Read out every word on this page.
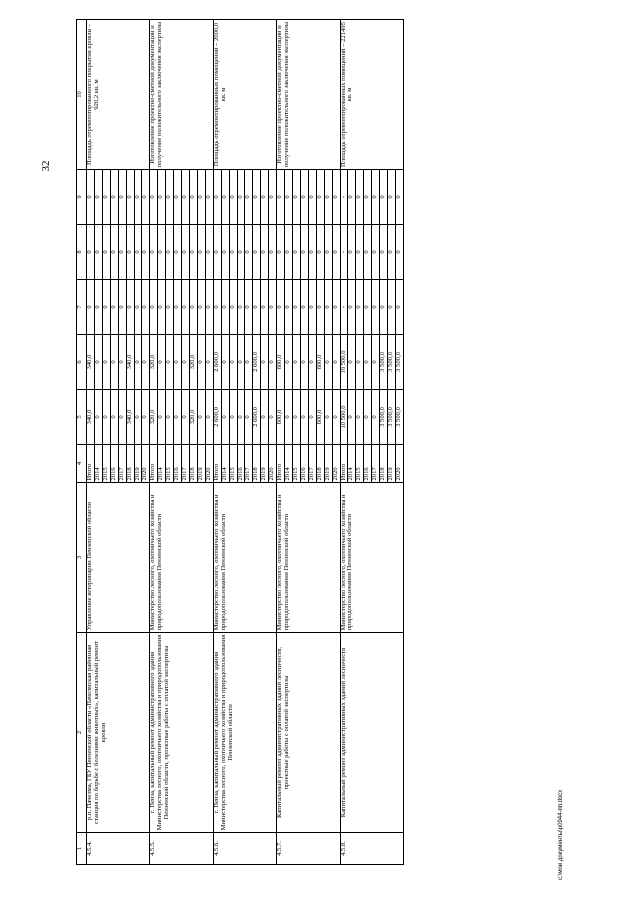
32
1	2	3	4	5	6	7	8	9	10
4.5.4.	р.п. Пачелма, ГБУ Пензенской области «Пачелмская районная станция по борьбе с болезнями животных», капитальный ремонт кровли	Управление ветеринарии Пензенской области	Итого	340,0	340,0	0	0	0	Площадь отремонтированного покрытия кровли – 920,2 кв. м
			2014	0	0	0	0	0	
			2015	0	0	0	0	0	
			2016	0	0	0	0	0	
			2017	0	0	0	0	0	
			2018	340,0	340,0	0	0	0	
			2019	0	0	0	0	0	
			2020	0	0	0	0	0	
4.5.5.	г. Пенза, капитальный ремонт административного здания Министерства лесного, охотничьего хозяйства и природопользования Пензенской области, проектные работы с оплатой экспертизы	Министерство лесного, охотничьего хозяйства и природопользования Пензенской области	Итого	320,0	320,0	0	0	0	Изготовление проектно-сметной документации и получение положительного заключения экспертизы
			2014	0	0	0	0	0	
			2015	0	0	0	0	0	
			2016	0	0	0	0	0	
			2017	0	0	0	0	0	
			2018	320,0	320,0	0	0	0	
			2019	0	0	0	0	0	
			2020	0	0	0	0	0	
4.5.6.	г. Пенза, капитальный ремонт административного здания Министерства лесного, охотничьего хозяйства и природопользования Пензенской области	Министерство лесного, охотничьего хозяйства и природопользования Пензенской области	Итого	2 600,0	2 600,0	0	0	0	Площадь отремонтированных помещений – 2000,0 кв. м
			2014	0	0	0	0	0	
			2015	0	0	0	0	0	
			2016	0	0	0	0	0	
			2017	0	0	0	0	0	
			2018	2 600,0	2 600,0	0	0	0	
			2019	0	0	0	0	0	
			2020	0	0	0	0	0	
4.5.7.	Капитальный ремонт административных зданий лесничеств, проектные работы с оплатой экспертизы	Министерство лесного, охотничьего хозяйства и природопользования Пензенской области	Итого	600,0	600,0	0	0	0	Изготовление проектно-сметной документации и получение положительного заключения экспертизы
			2014	0	0	0	0	0	
			2015	0	0	0	0	0	
			2016	0	0	0	0	0	
			2017	0	0	0	0	0	
			2018	600,0	600,0	0	0	0	
			2019	0	0	0	0	0	
			2020	0	0	0	0	0	
4.5.8.	Капитальный ремонт административных зданий лесничеств	Министерство лесного, охотничьего хозяйства и природопользования Пензенской области	Итого	10 500,0	10 500,0	-	-	-	Площадь отремонтированных помещений – 221495 кв. м
			2014	0	0	0	0	0	
			2015	0	0	0	0	0	
			2016	0	0	0	0	0	
			2017	0	0	0	0	0	
			2018	3 500,0	3 500,0	0	0	0	
			2019	3 500,0	3 500,0	0	0	0	
			2020	3 500,0	3 500,0	0	0	0	
c:\мои документы\р0944-пп.docx
